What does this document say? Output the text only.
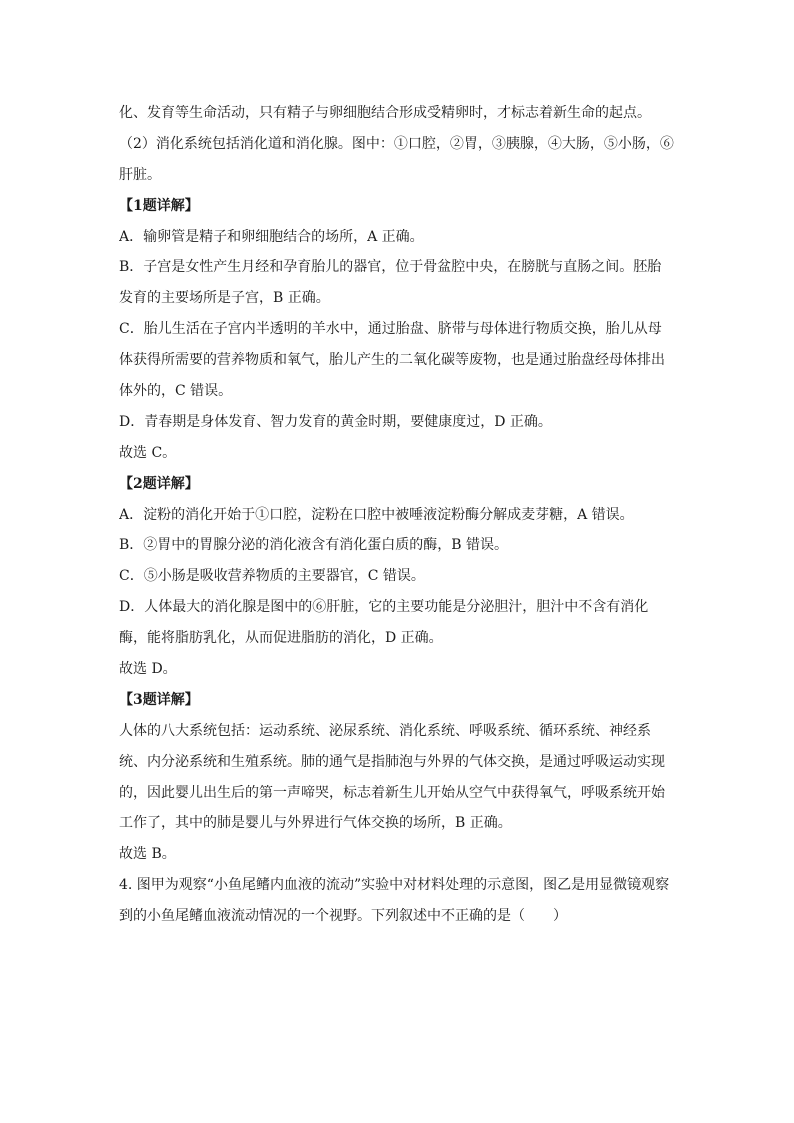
化、发育等生命活动，只有精子与卵细胞结合形成受精卵时，才标志着新生命的起点。
（2）消化系统包括消化道和消化腺。图中：①口腔，②胃，③胰腺，④大肠，⑤小肠，⑥
肝脏。
【1题详解】
A．输卵管是精子和卵细胞结合的场所，A 正确。
B．子宫是女性产生月经和孕育胎儿的器官，位于骨盆腔中央，在膀胱与直肠之间。胚胎
发育的主要场所是子宫，B 正确。
C．胎儿生活在子宫内半透明的羊水中，通过胎盘、脐带与母体进行物质交换，胎儿从母
体获得所需要的营养物质和氧气，胎儿产生的二氧化碳等废物，也是通过胎盘经母体排出
体外的，C 错误。
D．青春期是身体发育、智力发育的黄金时期，要健康度过，D 正确。
故选 C。
【2题详解】
A．淀粉的消化开始于①口腔，淀粉在口腔中被唾液淀粉酶分解成麦芽糖，A 错误。
B．②胃中的胃腺分泌的消化液含有消化蛋白质的酶，B 错误。
C．⑤小肠是吸收营养物质的主要器官，C 错误。
D．人体最大的消化腺是图中的⑥肝脏，它的主要功能是分泌胆汁，胆汁中不含有消化
酶，能将脂肪乳化，从而促进脂肪的消化，D 正确。
故选 D。
【3题详解】
人体的八大系统包括：运动系统、泌尿系统、消化系统、呼吸系统、循环系统、神经系
统、内分泌系统和生殖系统。肺的通气是指肺泡与外界的气体交换，是通过呼吸运动实现
的，因此婴儿出生后的第一声啼哭，标志着新生儿开始从空气中获得氧气，呼吸系统开始
工作了，其中的肺是婴儿与外界进行气体交换的场所，B 正确。
故选 B。
4. 图甲为观察“小鱼尾鳍内血液的流动”实验中对材料处理的示意图，图乙是用显微镜观察
到的小鱼尾鳍血液流动情况的一个视野。下列叙述中不正确的是（　　）
